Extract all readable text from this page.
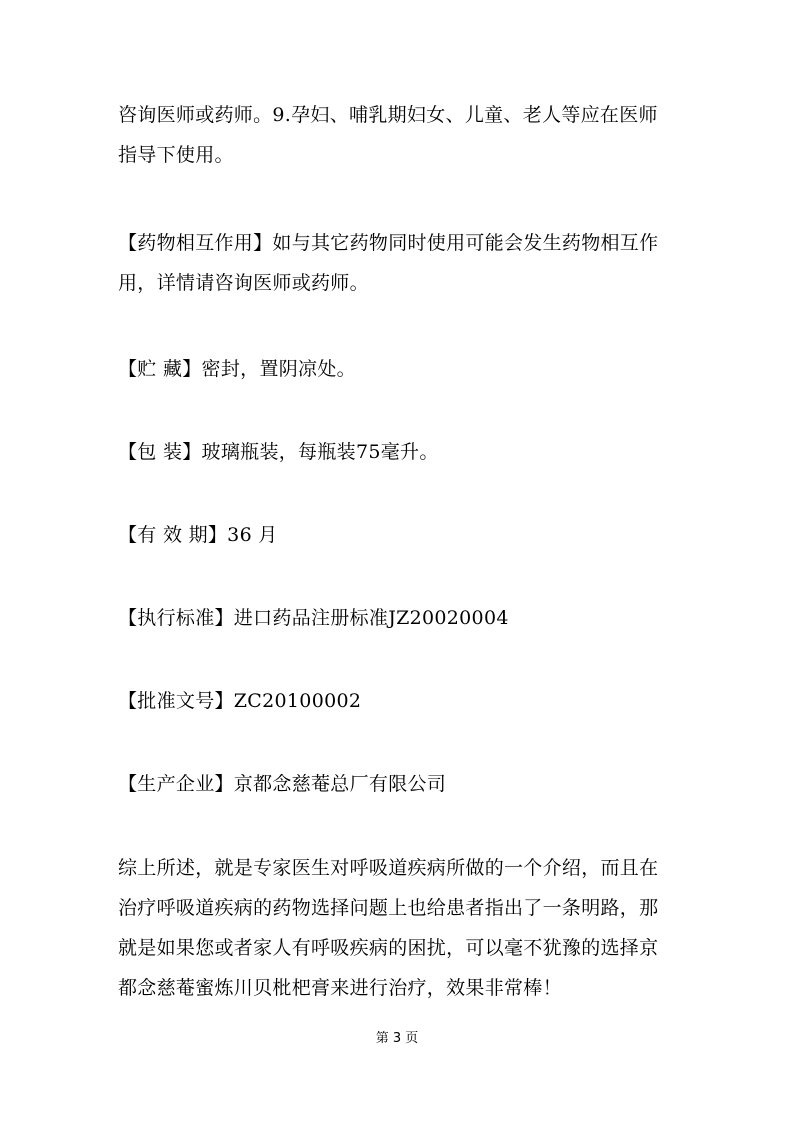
咨询医师或药师。9.孕妇、哺乳期妇女、儿童、老人等应在医师
指导下使用。
【药物相互作用】如与其它药物同时使用可能会发生药物相互作
用，详情请咨询医师或药师。
【贮 藏】密封，置阴凉处。
【包 装】玻璃瓶装，每瓶装75毫升。
【有 效 期】36 月
【执行标准】进口药品注册标准JZ20020004
【批准文号】ZC20100002
【生产企业】京都念慈菴总厂有限公司
综上所述，就是专家医生对呼吸道疾病所做的一个介绍，而且在
治疗呼吸道疾病的药物选择问题上也给患者指出了一条明路，那
就是如果您或者家人有呼吸疾病的困扰，可以毫不犹豫的选择京
都念慈菴蜜炼川贝枇杷膏来进行治疗，效果非常棒！
第 3 页
